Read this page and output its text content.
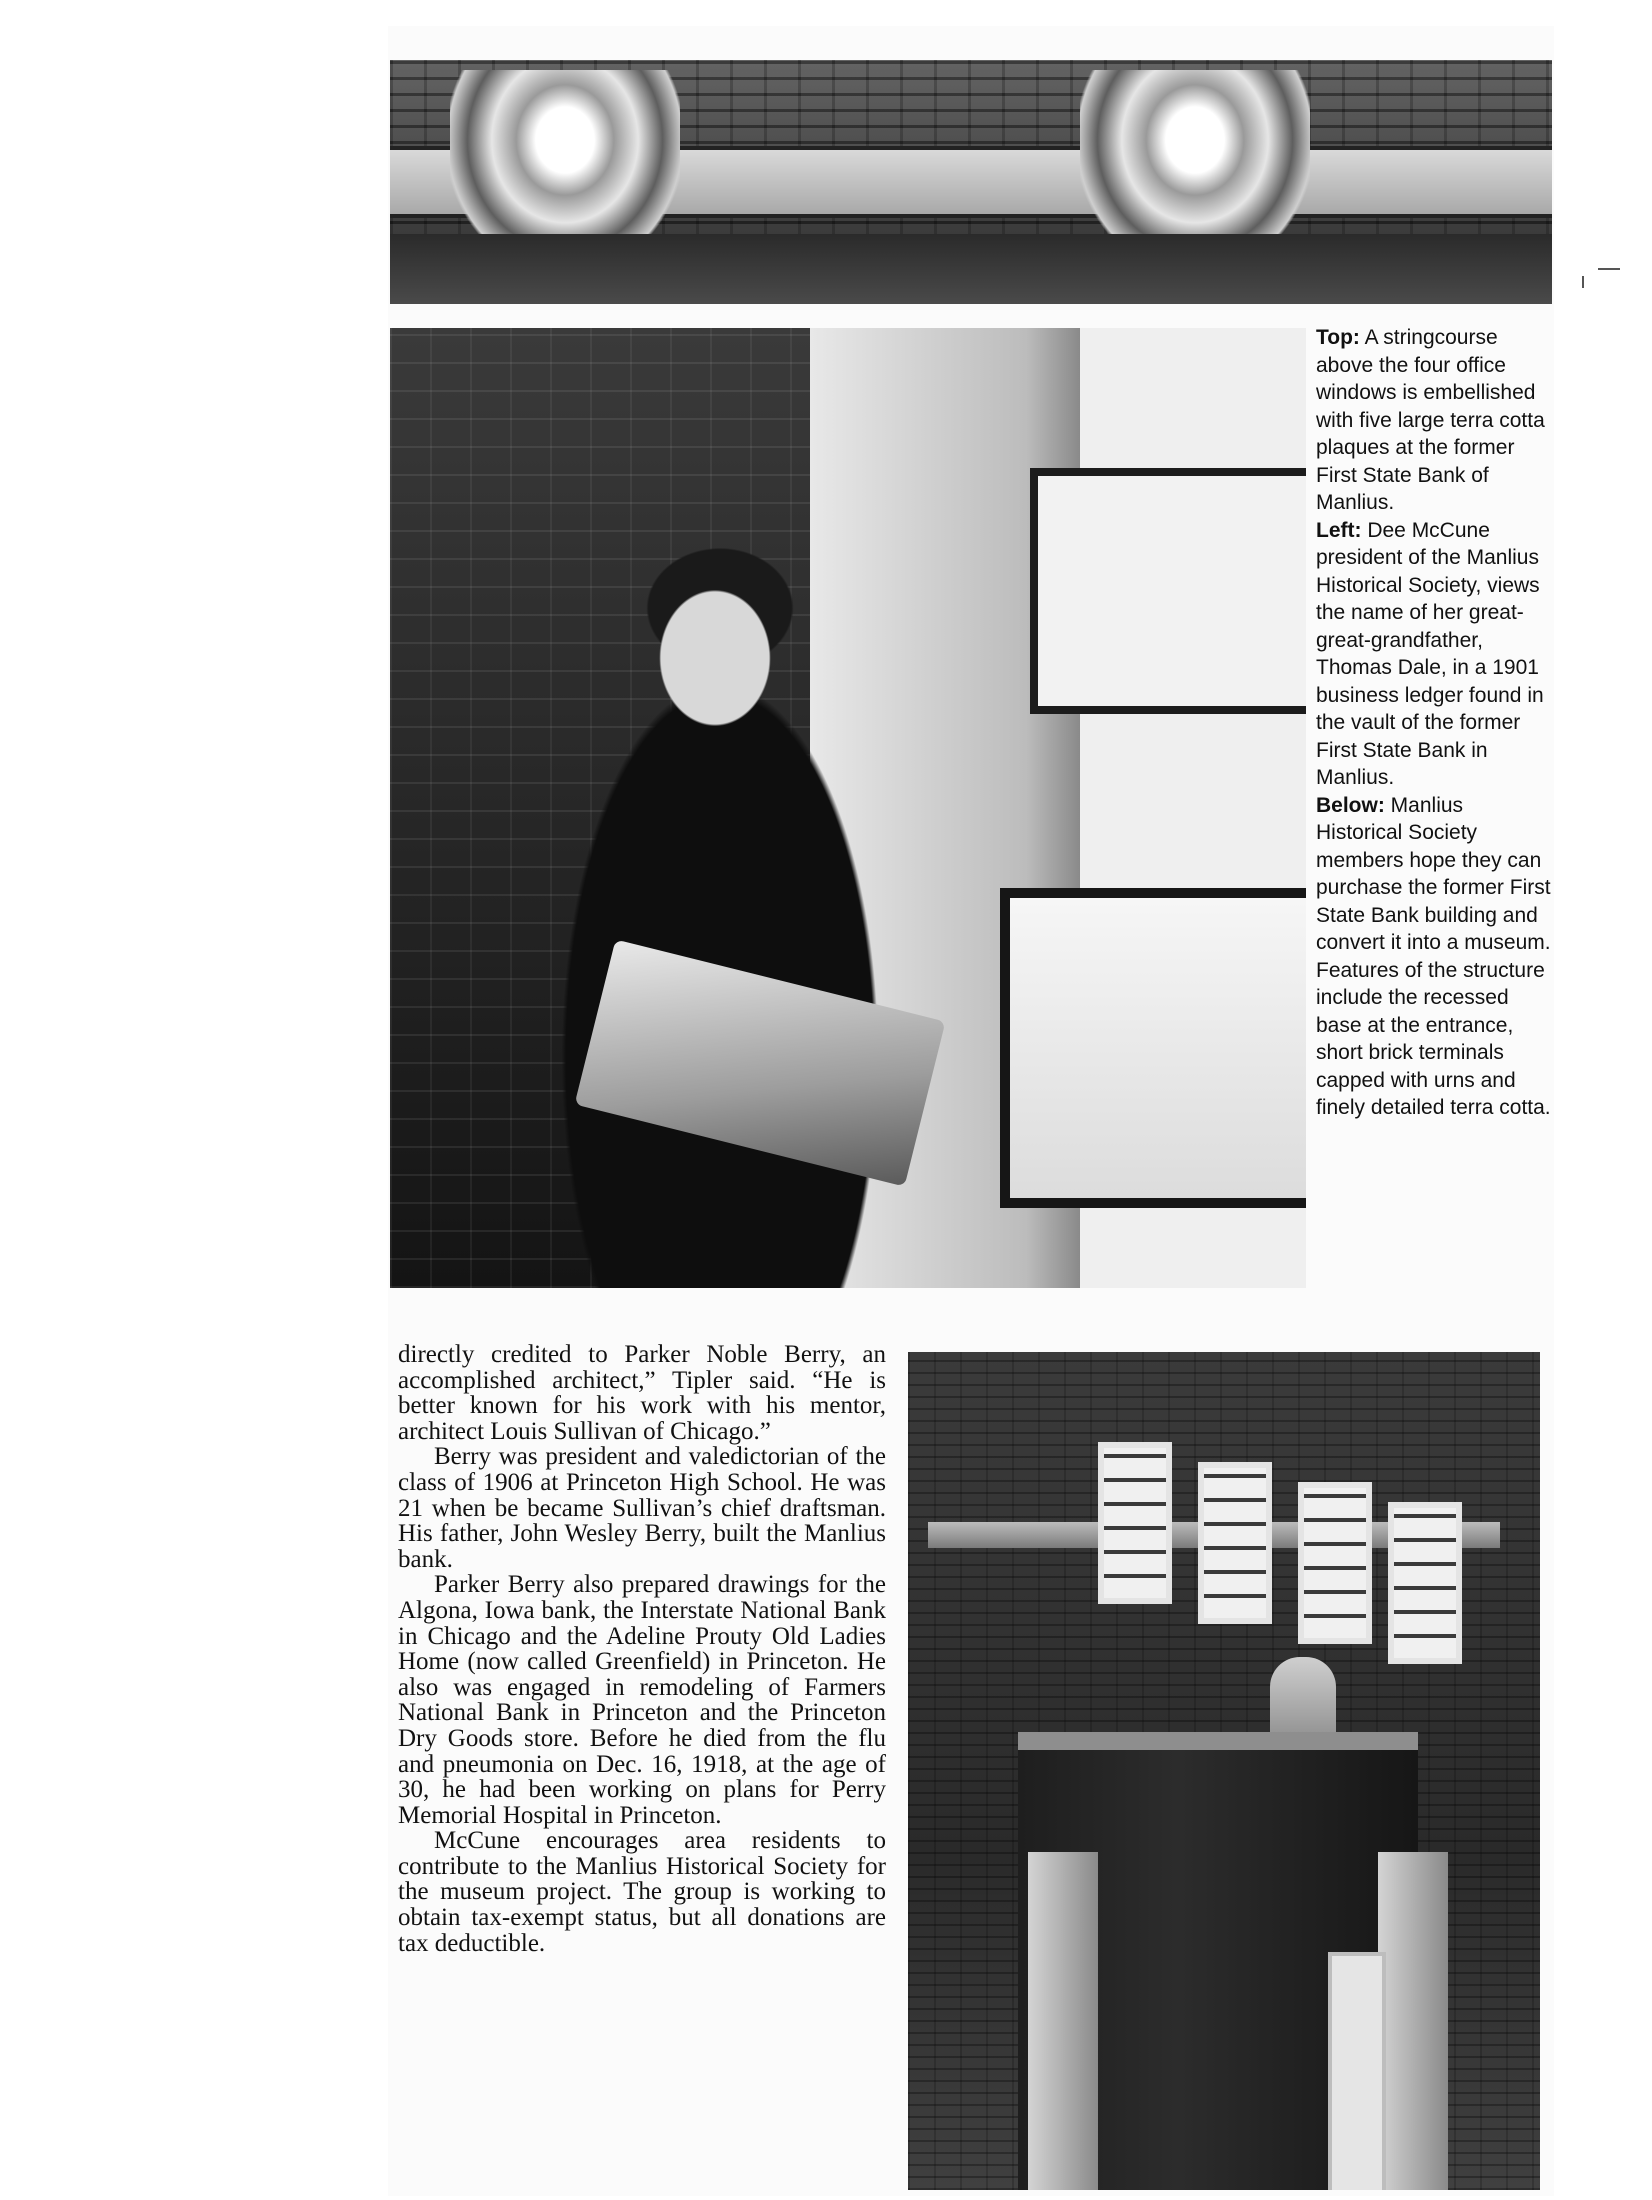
Top: A stringcourse above the four office windows is embellished with five large terra cotta plaques at the former First State Bank of Manlius.

Left: Dee McCune president of the Manlius Historical Society, views the name of her great-great-grandfather, Thomas Dale, in a 1901 business ledger found in the vault of the former First State Bank in Manlius.

Below: Manlius Historical Society members hope they can purchase the former First State Bank building and convert it into a museum. Features of the structure include the recessed base at the entrance, short brick terminals capped with urns and finely detailed terra cotta.

directly credited to Parker Noble Berry, an accomplished architect,” Tipler said. “He is better known for his work with his mentor, architect Louis Sullivan of Chicago.”

Berry was president and valedictorian of the class of 1906 at Princeton High School. He was 21 when be became Sullivan’s chief draftsman. His father, John Wesley Berry, built the Manlius bank.

Parker Berry also prepared drawings for the Algona, Iowa bank, the Interstate National Bank in Chicago and the Adeline Prouty Old Ladies Home (now called Greenfield) in Princeton. He also was engaged in remodeling of Farmers National Bank in Princeton and the Princeton Dry Goods store. Before he died from the flu and pneumonia on Dec. 16, 1918, at the age of 30, he had been working on plans for Perry Memorial Hospital in Princeton.

McCune encourages area residents to contribute to the Manlius Historical Society for the museum project. The group is working to obtain tax-exempt status, but all donations are tax deductible.
